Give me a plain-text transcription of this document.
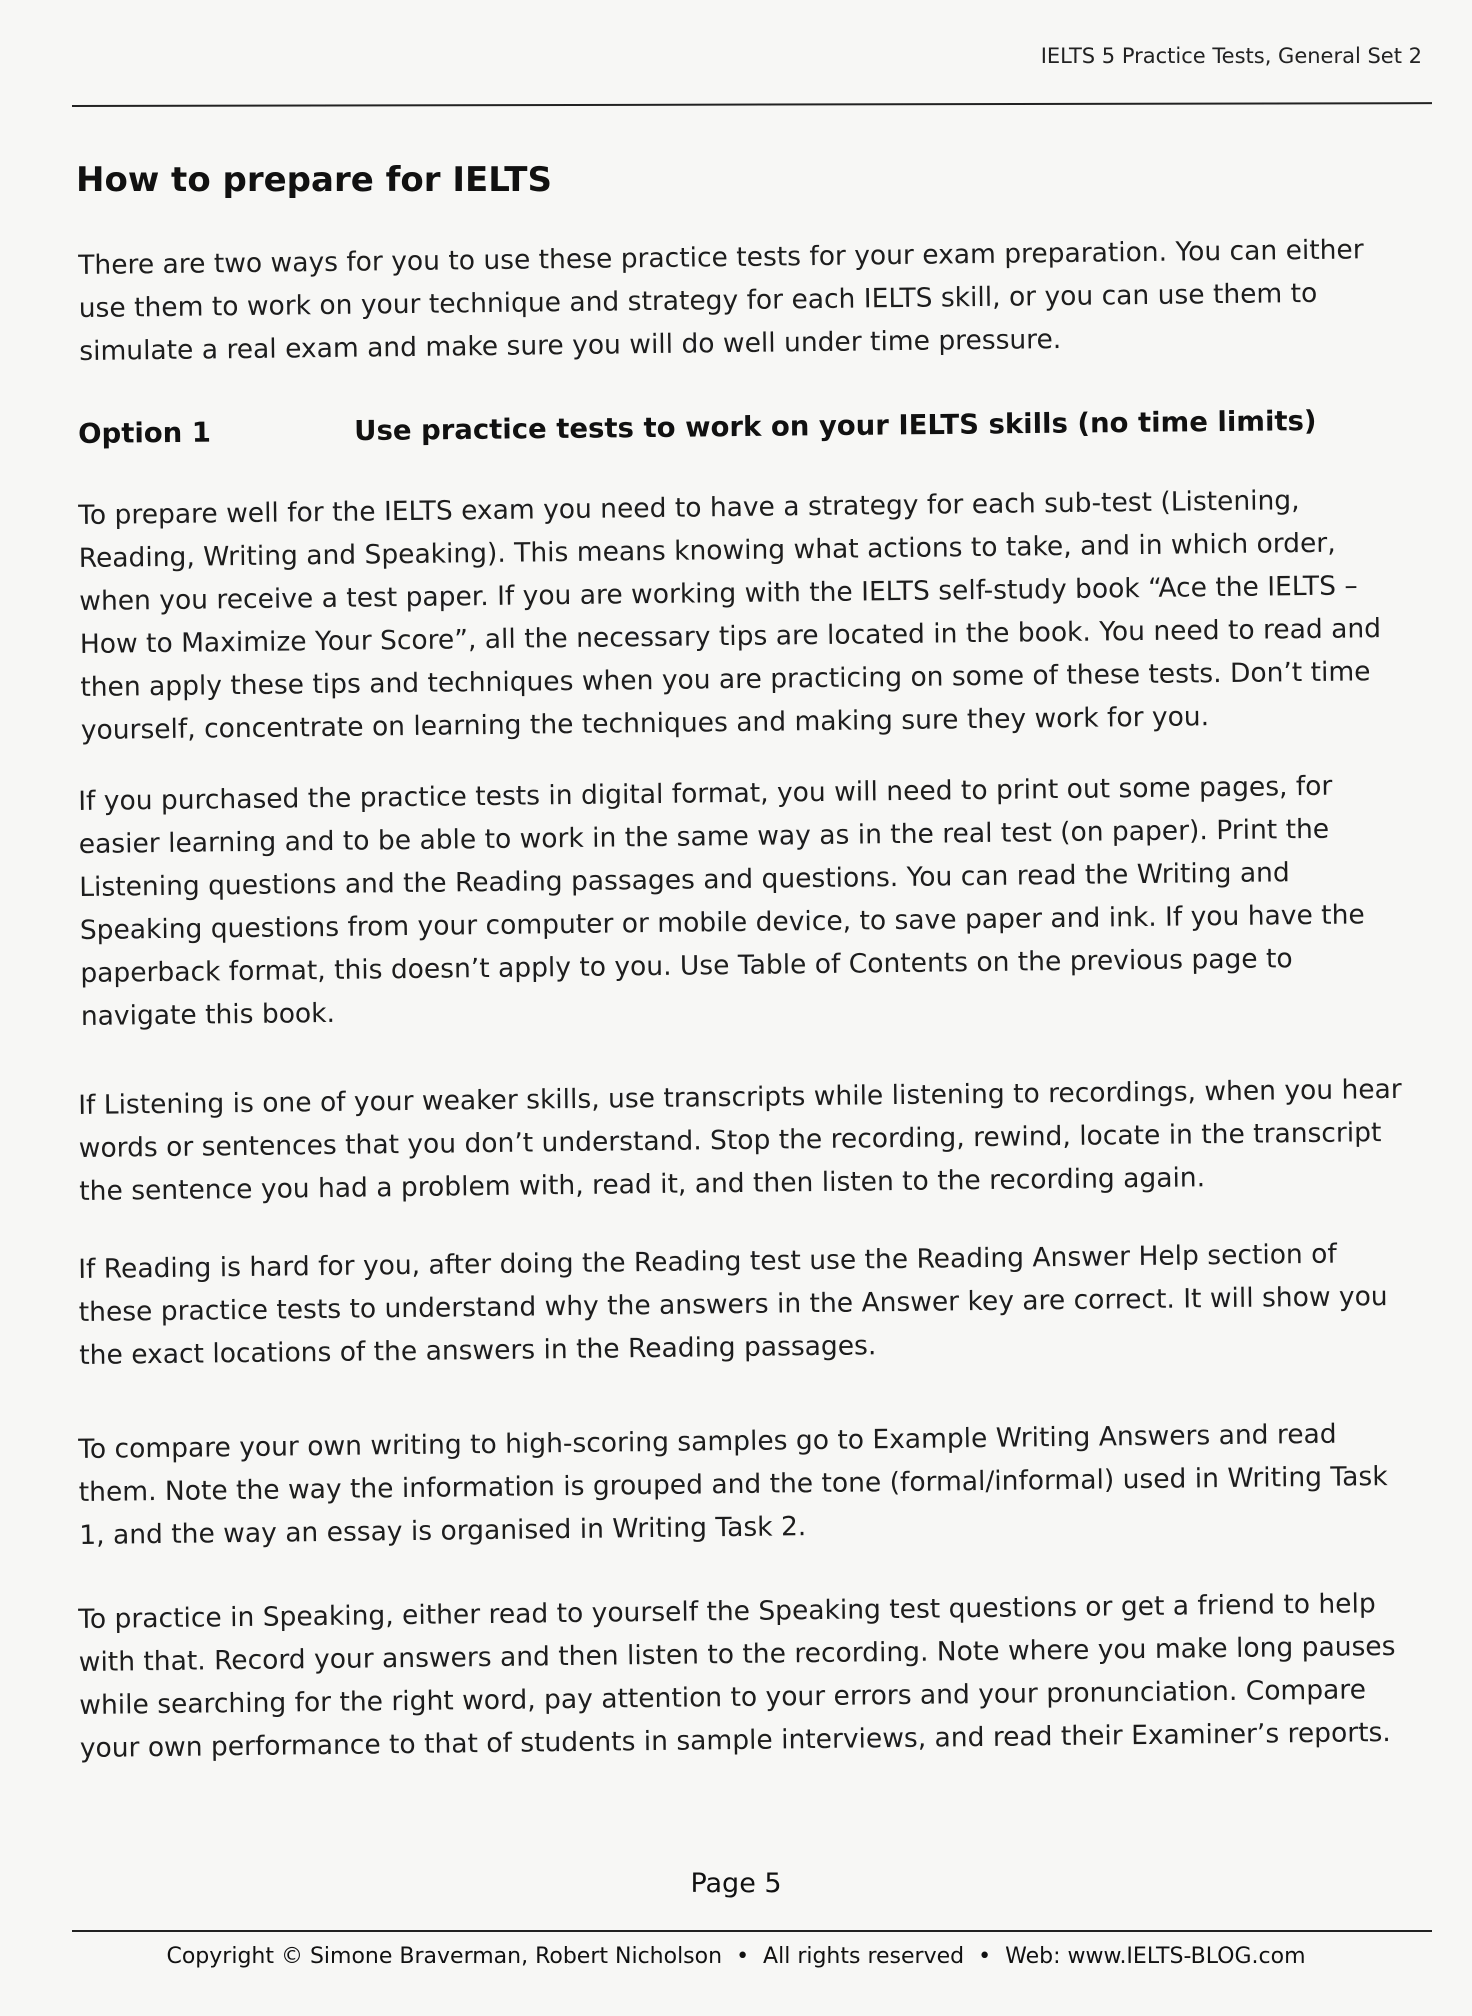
IELTS 5 Practice Tests, General Set 2
How to prepare for IELTS

There are two ways for you to use these practice tests for your exam preparation. You can either use them to work on your technique and strategy for each IELTS skill, or you can use them to simulate a real exam and make sure you will do well under time pressure.

Option 1	Use practice tests to work on your IELTS skills (no time limits)

To prepare well for the IELTS exam you need to have a strategy for each sub-test (Listening, Reading, Writing and Speaking). This means knowing what actions to take, and in which order, when you receive a test paper. If you are working with the IELTS self-study book “Ace the IELTS – How to Maximize Your Score”, all the necessary tips are located in the book. You need to read and then apply these tips and techniques when you are practicing on some of these tests. Don’t time yourself, concentrate on learning the techniques and making sure they work for you.

If you purchased the practice tests in digital format, you will need to print out some pages, for easier learning and to be able to work in the same way as in the real test (on paper). Print the Listening questions and the Reading passages and questions. You can read the Writing and Speaking questions from your computer or mobile device, to save paper and ink. If you have the paperback format, this doesn’t apply to you. Use Table of Contents on the previous page to navigate this book.

If Listening is one of your weaker skills, use transcripts while listening to recordings, when you hear words or sentences that you don’t understand. Stop the recording, rewind, locate in the transcript the sentence you had a problem with, read it, and then listen to the recording again.

If Reading is hard for you, after doing the Reading test use the Reading Answer Help section of these practice tests to understand why the answers in the Answer key are correct. It will show you the exact locations of the answers in the Reading passages.

To compare your own writing to high-scoring samples go to Example Writing Answers and read them. Note the way the information is grouped and the tone (formal/informal) used in Writing Task 1, and the way an essay is organised in Writing Task 2.

To practice in Speaking, either read to yourself the Speaking test questions or get a friend to help with that. Record your answers and then listen to the recording. Note where you make long pauses while searching for the right word, pay attention to your errors and your pronunciation. Compare your own performance to that of students in sample interviews, and read their Examiner’s reports.

Page 5
Copyright © Simone Braverman, Robert Nicholson • All rights reserved • Web: www.IELTS-BLOG.com
